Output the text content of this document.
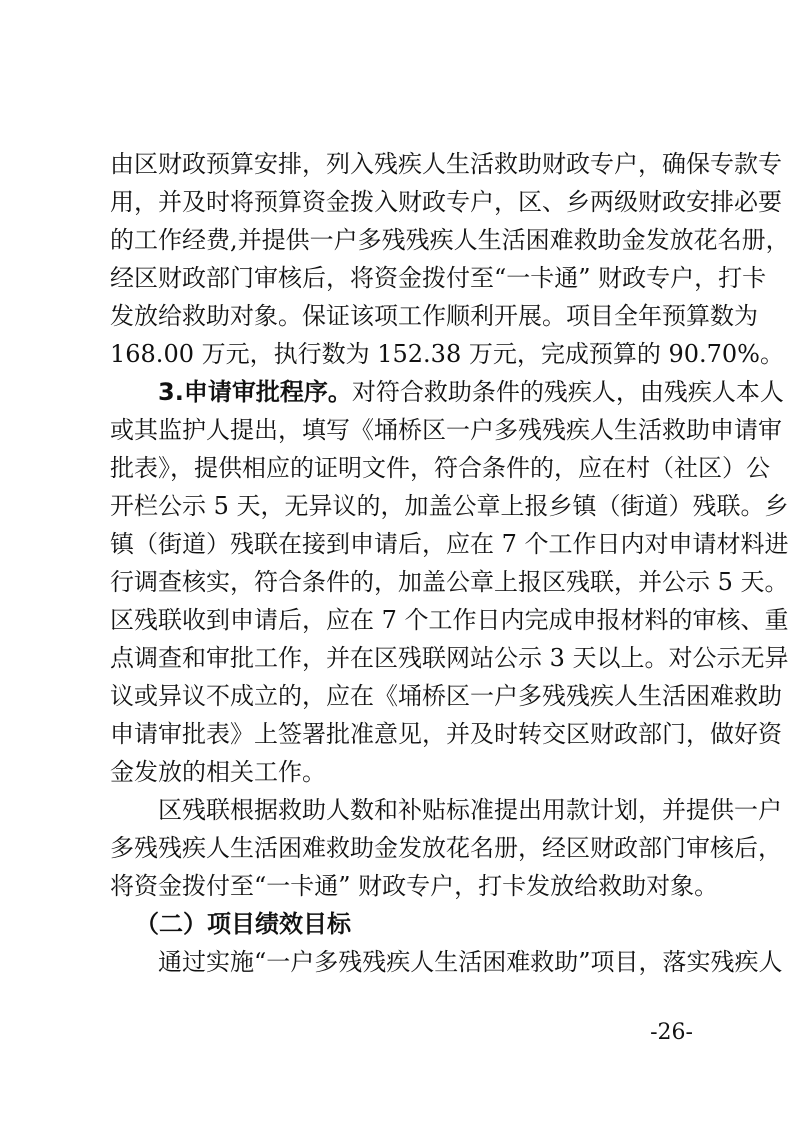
由区财政预算安排，列入残疾人生活救助财政专户，确保专款专
用，并及时将预算资金拨入财政专户，区、乡两级财政安排必要
的工作经费,并提供一户多残残疾人生活困难救助金发放花名册，
经区财政部门审核后，将资金拨付至“一卡通” 财政专户，打卡
发放给救助对象。保证该项工作顺利开展。项目全年预算数为
168.00 万元，执行数为 152.38 万元，完成预算的 90.70%。
3.申请审批程序。对符合救助条件的残疾人，由残疾人本人
或其监护人提出，填写《埇桥区一户多残残疾人生活救助申请审
批表》，提供相应的证明文件，符合条件的，应在村（社区）公
开栏公示 5 天，无异议的，加盖公章上报乡镇（街道）残联。乡
镇（街道）残联在接到申请后，应在 7 个工作日内对申请材料进
行调查核实，符合条件的，加盖公章上报区残联，并公示 5 天。
区残联收到申请后，应在 7 个工作日内完成申报材料的审核、重
点调查和审批工作，并在区残联网站公示 3 天以上。对公示无异
议或异议不成立的，应在《埇桥区一户多残残疾人生活困难救助
申请审批表》上签署批准意见，并及时转交区财政部门，做好资
金发放的相关工作。
区残联根据救助人数和补贴标准提出用款计划，并提供一户
多残残疾人生活困难救助金发放花名册，经区财政部门审核后，
将资金拨付至“一卡通” 财政专户，打卡发放给救助对象。
（二）项目绩效目标
通过实施“一户多残残疾人生活困难救助”项目，落实残疾人
-26-
